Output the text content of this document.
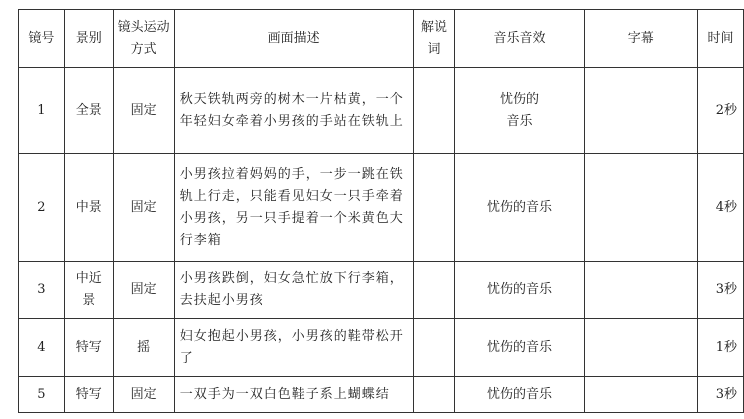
镜号	景别	镜头运动方式	画面描述	解说词	音乐音效	字幕	时间
1	全景	固定	秋天铁轨两旁的树木一片枯黄，一个年轻妇女牵着小男孩的手站在铁轨上		忧伤的音乐		2秒
2	中景	固定	小男孩拉着妈妈的手，一步一跳在铁轨上行走，只能看见妇女一只手牵着小男孩，另一只手提着一个米黄色大行李箱		忧伤的音乐		4秒
3	中近景	固定	小男孩跌倒，妇女急忙放下行李箱，去扶起小男孩		忧伤的音乐		3秒
4	特写	摇	妇女抱起小男孩，小男孩的鞋带松开了		忧伤的音乐		1秒
5	特写	固定	一双手为一双白色鞋子系上蝴蝶结		忧伤的音乐		3秒
